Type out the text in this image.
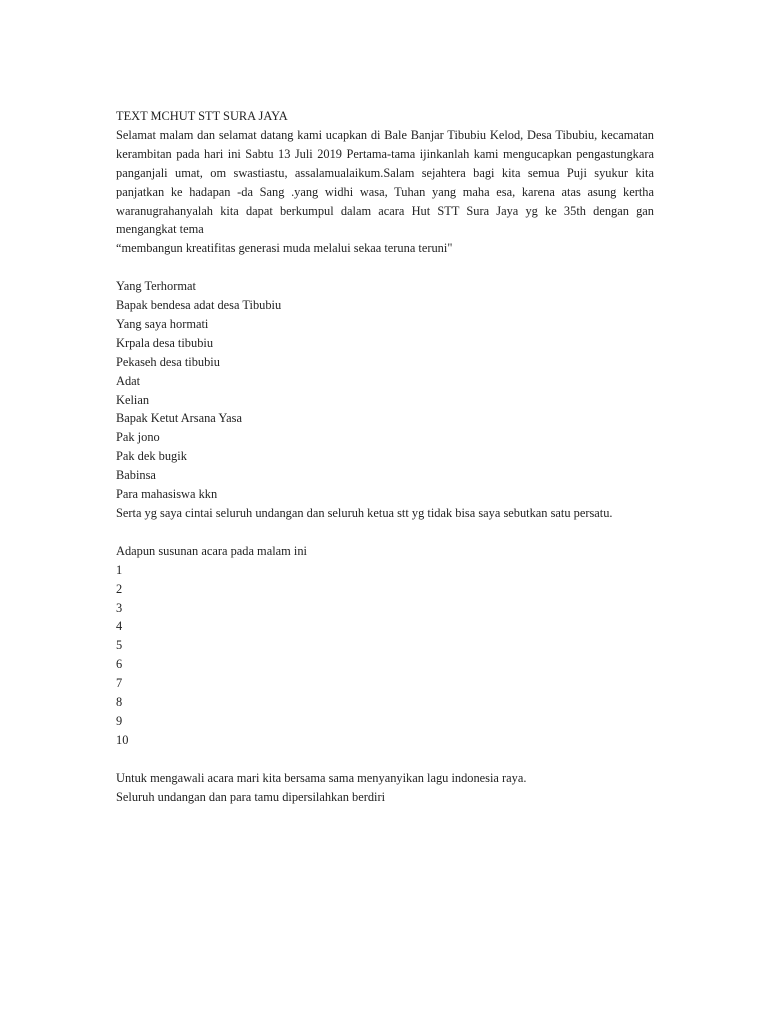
TEXT MCHUT STT SURA JAYA

Selamat malam dan selamat datang kami ucapkan di Bale Banjar Tibubiu Kelod, Desa Tibubiu, kecamatan kerambitan pada hari ini Sabtu 13 Juli 2019 Pertama-tama ijinkanlah kami mengucapkan pengastungkara panganjali umat, om swastiastu, assalamualaikum.Salam sejahtera bagi kita semua Puji syukur kita panjatkan ke hadapan -da Sang .yang widhi wasa, Tuhan yang maha esa, karena atas asung kertha waranugrahanyalah kita dapat berkumpul dalam acara Hut STT Sura Jaya yg ke 35th dengan gan mengangkat tema

“membangun kreatifitas generasi muda melalui sekaa teruna teruni"

Yang Terhormat
Bapak bendesa adat desa Tibubiu
Yang saya hormati
Krpala desa tibubiu
Pekaseh desa tibubiu
Adat
Kelian
Bapak Ketut Arsana Yasa
Pak jono
Pak dek bugik
Babinsa
Para mahasiswa kkn

Serta yg saya cintai seluruh undangan dan seluruh ketua stt yg tidak bisa saya sebutkan satu persatu.

Adapun susunan acara pada malam ini

1
2
3
4
5
6
7
8
9
10

Untuk mengawali acara mari kita bersama sama menyanyikan lagu indonesia raya.

Seluruh undangan dan para tamu dipersilahkan berdiri
